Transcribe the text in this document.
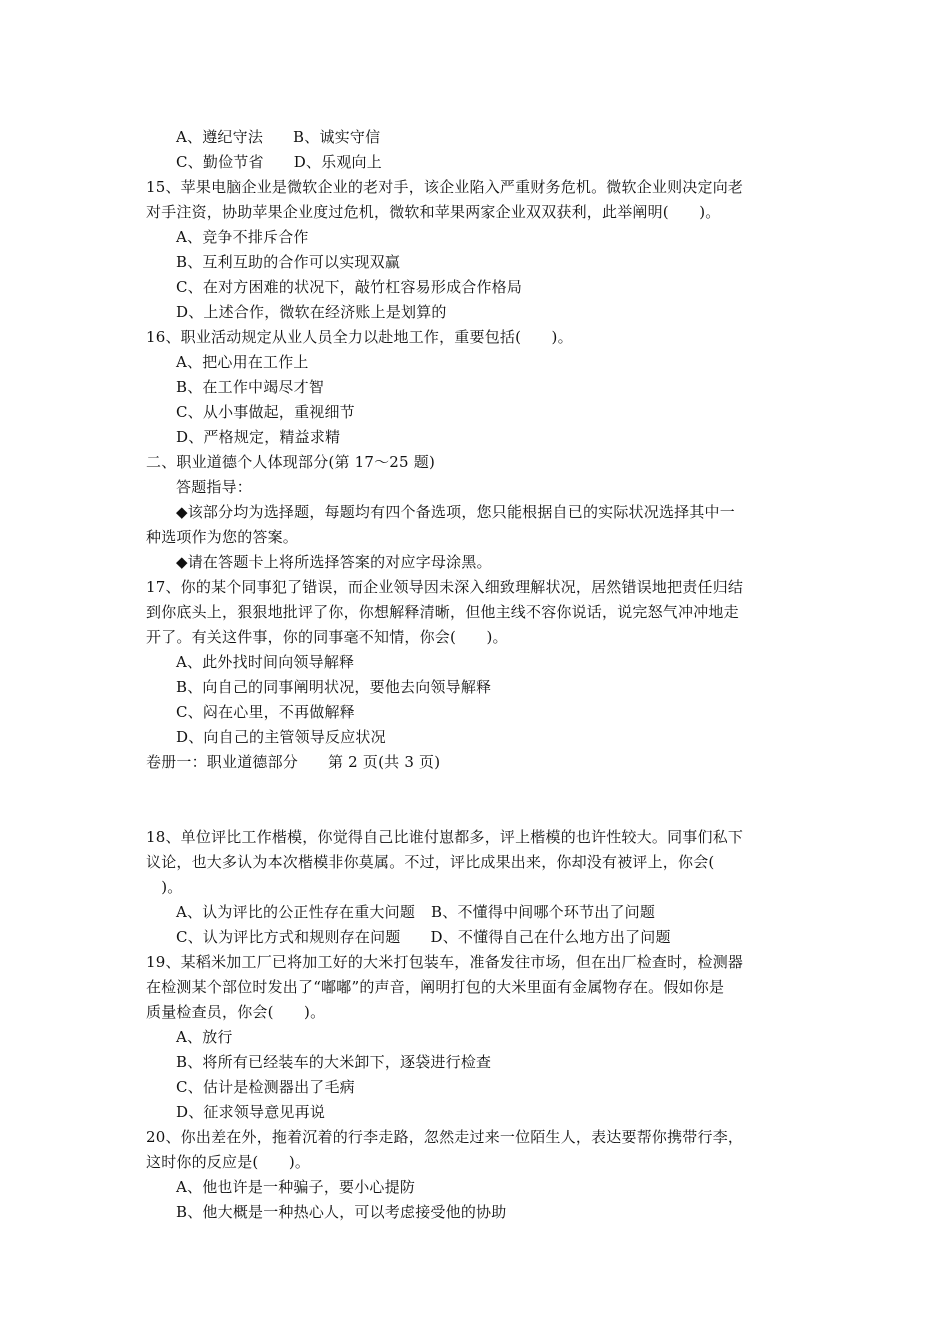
A、遵纪守法 B、诚实守信
C、勤俭节省 D、乐观向上
15、苹果电脑企业是微软企业的老对手，该企业陷入严重财务危机。微软企业则决定向老
对手注资，协助苹果企业度过危机，微软和苹果两家企业双双获利，此举阐明(　　)。
A、竞争不排斥合作
B、互利互助的合作可以实现双赢
C、在对方困难的状况下，敲竹杠容易形成合作格局
D、上述合作，微软在经济账上是划算的
16、职业活动规定从业人员全力以赴地工作，重要包括(　　)。
A、把心用在工作上
B、在工作中竭尽才智
C、从小事做起，重视细节
D、严格规定，精益求精
二、职业道德个人体现部分(第 17～25 题)
答题指导：
◆该部分均为选择题，每题均有四个备选项，您只能根据自已的实际状况选择其中一
种选项作为您的答案。
◆请在答题卡上将所选择答案的对应字母涂黑。
17、你的某个同事犯了错误，而企业领导因未深入细致理解状况，居然错误地把责任归结
到你底头上，狠狠地批评了你，你想解释清晰，但他主线不容你说话，说完怒气冲冲地走
开了。有关这件事，你的同事毫不知情，你会(　　)。
A、此外找时间向领导解释
B、向自己的同事阐明状况，要他去向领导解释
C、闷在心里，不再做解释
D、向自己的主管领导反应状况
卷册一：职业道德部分 第 2 页(共 3 页)
18、单位评比工作楷模，你觉得自己比谁付崽都多，评上楷模的也许性较大。同事们私下
议论，也大多认为本次楷模非你莫属。不过，评比成果出来，你却没有被评上，你会(
　)。
A、认为评比的公正性存在重大问题 B、不懂得中间哪个环节出了问题
C、认为评比方式和规则存在问题 D、不懂得自己在什么地方出了问题
19、某稻米加工厂已将加工好的大米打包装车，准备发往市场，但在出厂检查时，检测器
在检测某个部位时发出了“嘟嘟”的声音，阐明打包的大米里面有金属物存在。假如你是
质量检查员，你会(　　)。
A、放行
B、将所有已经装车的大米卸下，逐袋进行检查
C、估计是检测器出了毛病
D、征求领导意见再说
20、你出差在外，拖着沉着的行李走路，忽然走过来一位陌生人，表达要帮你携带行李，
这时你的反应是(　　)。
A、他也许是一种骗子，要小心提防
B、他大概是一种热心人，可以考虑接受他的协助
